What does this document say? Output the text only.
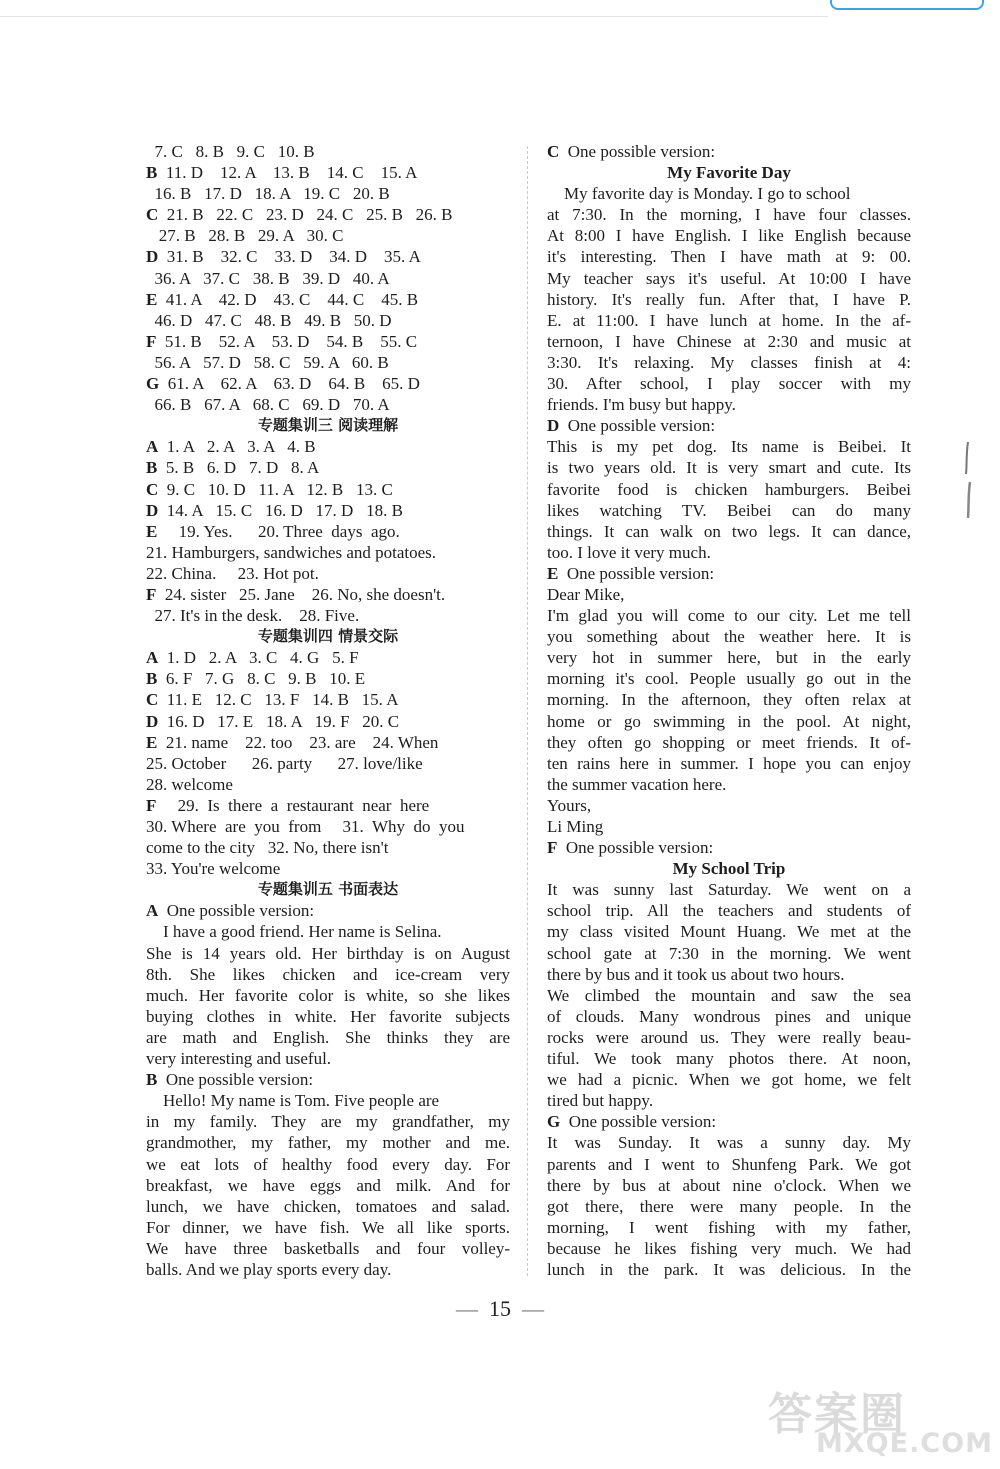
7. C   8. B   9. C   10. B
B 11. D    12. A    13. B    14. C    15. A
16. B   17. D   18. A   19. C   20. B
C 21. B   22. C   23. D   24. C   25. B   26. B
27. B   28. B   29. A   30. C
D 31. B    32. C    33. D    34. D    35. A
36. A   37. C   38. B   39. D   40. A
E 41. A    42. D    43. C    44. C    45. B
46. D   47. C   48. B   49. B   50. D
F 51. B    52. A    53. D    54. B    55. C
56. A   57. D   58. C   59. A   60. B
G 61. A    62. A    63. D    64. B    65. D
66. B   67. A   68. C   69. D   70. A
专题集训三 阅读理解
A 1. A   2. A   3. A   4. B
B 5. B   6. D   7. D   8. A
C 9. C   10. D   11. A   12. B   13. C
D 14. A   15. C   16. D   17. D   18. B
E     19. Yes.      20. Three  days  ago.
21. Hamburgers, sandwiches and potatoes.
22. China.     23. Hot pot.
F 24. sister   25. Jane    26. No, she doesn't.
27. It's in the desk.    28. Five.
专题集训四 情景交际
A 1. D   2. A   3. C   4. G   5. F
B 6. F   7. G   8. C   9. B   10. E
C 11. E   12. C   13. F   14. B   15. A
D 16. D   17. E   18. A   19. F   20. C
E 21. name    22. too    23. are    24. When
25. October      26. party      27. love/like
28. welcome
F     29.  Is  there  a  restaurant  near  here
30. Where  are  you  from     31.  Why  do  you
come to the city   32. No, there isn't
33. You're welcome
专题集训五 书面表达
A One possible version:
I have a good friend. Her name is Selina.
She is 14 years old. Her birthday is on August
8th. She likes chicken and ice-cream very
much. Her favorite color is white, so she likes
buying clothes in white. Her favorite subjects
are math and English. She thinks they are
very interesting and useful.
B One possible version:
Hello! My name is Tom. Five people are
in my family. They are my grandfather, my
grandmother, my father, my mother and me.
we eat lots of healthy food every day. For
breakfast, we have eggs and milk. And for
lunch, we have chicken, tomatoes and salad.
For dinner, we have fish. We all like sports.
We have three basketballs and four volley-
balls. And we play sports every day.
C One possible version:
My Favorite Day
My favorite day is Monday. I go to school
at 7:30. In the morning, I have four classes.
At 8:00 I have English. I like English because
it's interesting. Then I have math at 9: 00.
My teacher says it's useful. At 10:00 I have
history. It's really fun. After that, I have P.
E. at 11:00. I have lunch at home. In the af-
ternoon, I have Chinese at 2:30 and music at
3:30. It's relaxing. My classes finish at 4:
30. After school, I play soccer with my
friends. I'm busy but happy.
D One possible version:
This is my pet dog. Its name is Beibei. It
is two years old. It is very smart and cute. Its
favorite food is chicken hamburgers. Beibei
likes watching TV. Beibei can do many
things. It can walk on two legs. It can dance,
too. I love it very much.
E One possible version:
Dear Mike,
I'm glad you will come to our city. Let me tell
you something about the weather here. It is
very hot in summer here, but in the early
morning it's cool. People usually go out in the
morning. In the afternoon, they often relax at
home or go swimming in the pool. At night,
they often go shopping or meet friends. It of-
ten rains here in summer. I hope you can enjoy
the summer vacation here.
Yours,
Li Ming
F One possible version:
My School Trip
It was sunny last Saturday. We went on a
school trip. All the teachers and students of
my class visited Mount Huang. We met at the
school gate at 7:30 in the morning. We went
there by bus and it took us about two hours.
We climbed the mountain and saw the sea
of clouds. Many wondrous pines and unique
rocks were around us. They were really beau-
tiful. We took many photos there. At noon,
we had a picnic. When we got home, we felt
tired but happy.
G One possible version:
It was Sunday. It was a sunny day. My
parents and I went to Shunfeng Park. We got
there by bus at about nine o'clock. When we
got there, there were many people. In the
morning, I went fishing with my father,
because he likes fishing very much. We had
lunch in the park. It was delicious. In the
— 15 —
答案圈
MXQE.COM
